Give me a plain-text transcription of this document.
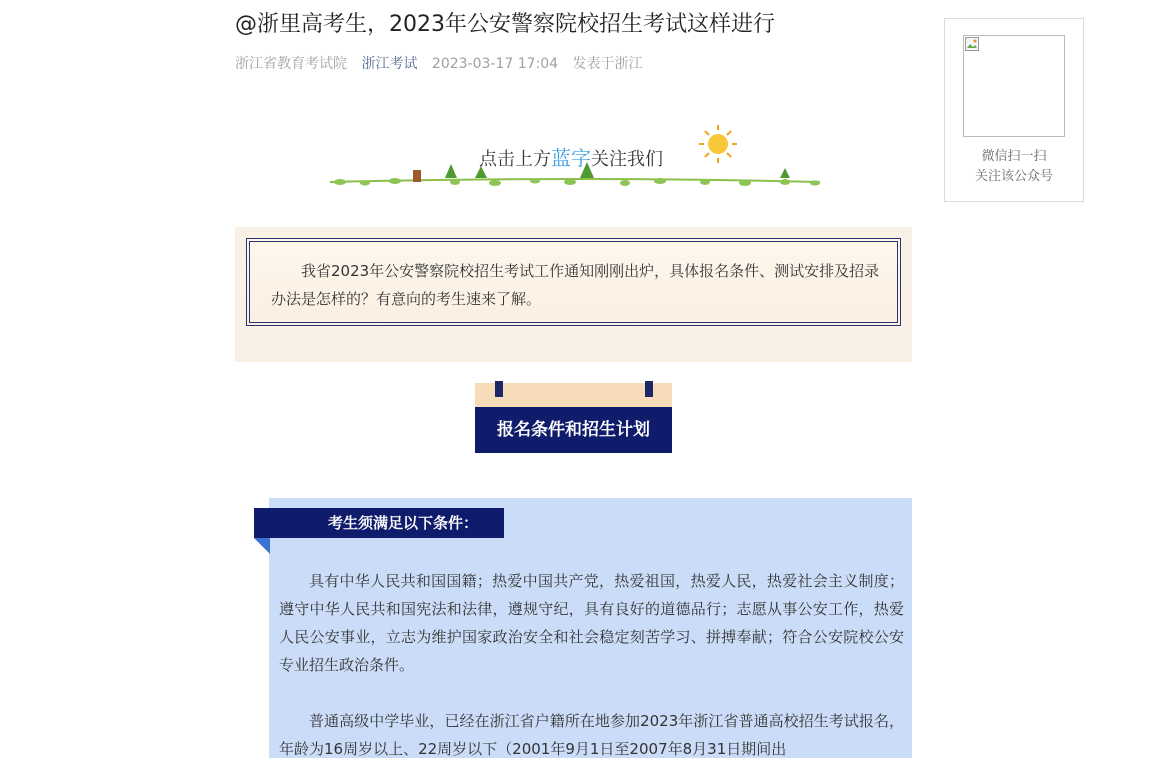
@浙里高考生，2023年公安警察院校招生考试这样进行
浙江省教育考试院 浙江考试 2023-03-17 17:04 发表于浙江
点击上方蓝字关注我们
我省2023年公安警察院校招生考试工作通知刚刚出炉，具体报名条件、测试安排及招录办法是怎样的？有意向的考生速来了解。
报名条件和招生计划
考生须满足以下条件：
具有中华人民共和国国籍；热爱中国共产党，热爱祖国，热爱人民，热爱社会主义制度；遵守中华人民共和国宪法和法律，遵规守纪，具有良好的道德品行；志愿从事公安工作，热爱人民公安事业，立志为维护国家政治安全和社会稳定刻苦学习、拼搏奉献；符合公安院校公安专业招生政治条件。
普通高级中学毕业，已经在浙江省户籍所在地参加2023年浙江省普通高校招生考试报名，年龄为16周岁以上、22周岁以下（2001年9月1日至2007年8月31日期间出
微信扫一扫
关注该公众号
